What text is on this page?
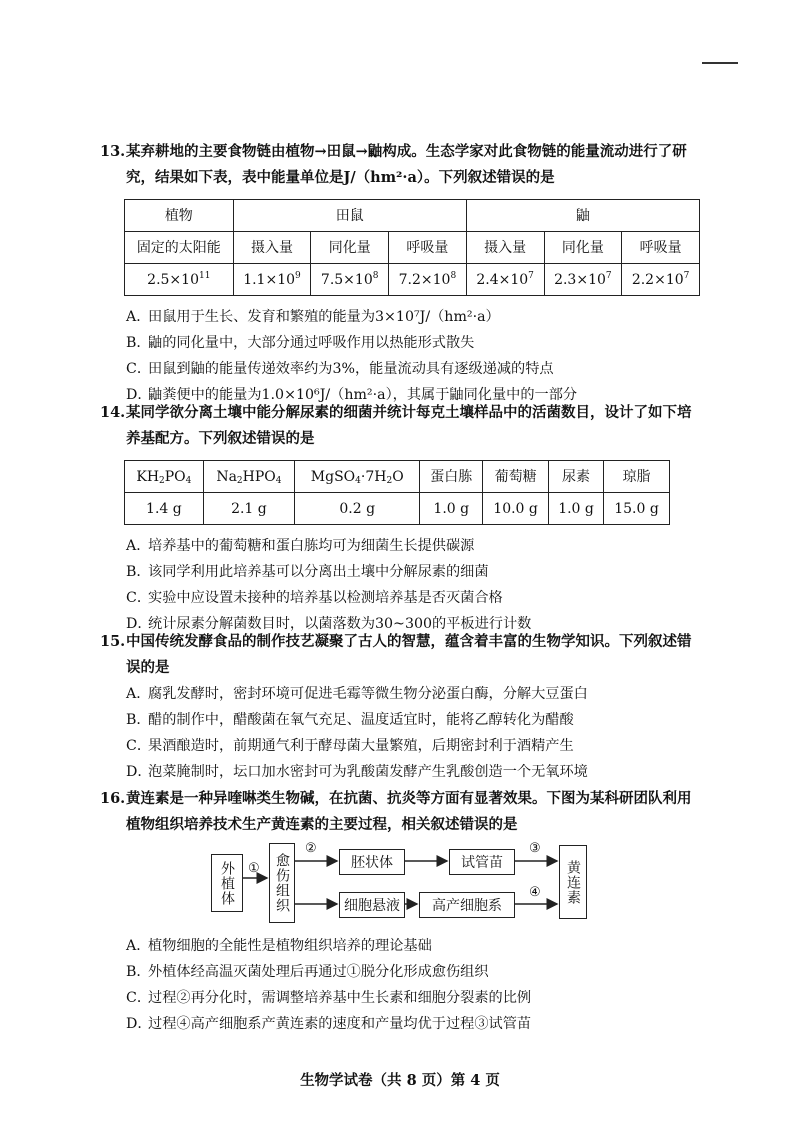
13.某弃耕地的主要食物链由植物→田鼠→鼬构成。生态学家对此食物链的能量流动进行了研究，结果如下表，表中能量单位是J/（hm²·a）。下列叙述错误的是

植物	田鼠			鼬		
固定的太阳能	摄入量	同化量	呼吸量	摄入量	同化量	呼吸量
$2.5\times 10^{11}$	$1.1\times 10^9$	$7.5\times 10^8$	$7.2\times 10^8$	$2.4\times 10^7$	$2.3\times 10^7$	$2.2\times 10^7$

A．田鼠用于生长、发育和繁殖的能量为3×10⁷J/（hm²·a）

B．鼬的同化量中，大部分通过呼吸作用以热能形式散失

C．田鼠到鼬的能量传递效率约为3%，能量流动具有逐级递减的特点

D．鼬粪便中的能量为1.0×10⁶J/（hm²·a），其属于鼬同化量中的一部分

14.某同学欲分离土壤中能分解尿素的细菌并统计每克土壤样品中的活菌数目，设计了如下培养基配方。下列叙述错误的是

$KH_2PO_4$	$Na_2HPO_4$	$MgSO_4\cdot 7H_2O$	蛋白胨	葡萄糖	尿素	琼脂
1.4 g	2.1 g	0.2 g	1.0 g	10.0 g	1.0 g	15.0 g

A．培养基中的葡萄糖和蛋白胨均可为细菌生长提供碳源

B．该同学利用此培养基可以分离出土壤中分解尿素的细菌

C．实验中应设置未接种的培养基以检测培养基是否灭菌合格

D．统计尿素分解菌数目时，以菌落数为30~300的平板进行计数

15.中国传统发酵食品的制作技艺凝聚了古人的智慧，蕴含着丰富的生物学知识。下列叙述错误的是

A．腐乳发酵时，密封环境可促进毛霉等微生物分泌蛋白酶，分解大豆蛋白

B．醋的制作中，醋酸菌在氧气充足、温度适宜时，能将乙醇转化为醋酸

C．果酒酿造时，前期通气利于酵母菌大量繁殖，后期密封利于酒精产生

D．泡菜腌制时，坛口加水密封可为乳酸菌发酵产生乳酸创造一个无氧环境

16.黄连素是一种异喹啉类生物碱，在抗菌、抗炎等方面有显著效果。下图为某科研团队利用植物组织培养技术生产黄连素的主要过程，相关叙述错误的是

外植体	愈伤组织	胚状体
细胞悬液
试管苗
高产细胞系
黄连素
①
②	③
④

A．植物细胞的全能性是植物组织培养的理论基础

B．外植体经高温灭菌处理后再通过①脱分化形成愈伤组织

C．过程②再分化时，需调整培养基中生长素和细胞分裂素的比例

D．过程④高产细胞系产黄连素的速度和产量均优于过程③试管苗

生物学试卷（共 8 页）第 4 页
